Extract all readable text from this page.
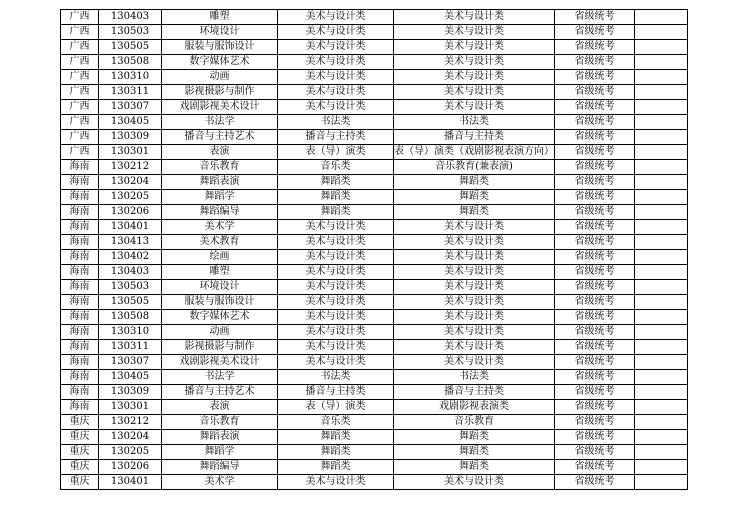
广西	130403	雕塑	美术与设计类	美术与设计类	省级统考	
广西	130503	环境设计	美术与设计类	美术与设计类	省级统考	
广西	130505	服装与服饰设计	美术与设计类	美术与设计类	省级统考	
广西	130508	数字媒体艺术	美术与设计类	美术与设计类	省级统考	
广西	130310	动画	美术与设计类	美术与设计类	省级统考	
广西	130311	影视摄影与制作	美术与设计类	美术与设计类	省级统考	
广西	130307	戏剧影视美术设计	美术与设计类	美术与设计类	省级统考	
广西	130405	书法学	书法类	书法类	省级统考	
广西	130309	播音与主持艺术	播音与主持类	播音与主持类	省级统考	
广西	130301	表演	表（导）演类	表（导）演类（戏剧影视表演方向）	省级统考	
海南	130212	音乐教育	音乐类	音乐教育(兼表演)	省级统考	
海南	130204	舞蹈表演	舞蹈类	舞蹈类	省级统考	
海南	130205	舞蹈学	舞蹈类	舞蹈类	省级统考	
海南	130206	舞蹈编导	舞蹈类	舞蹈类	省级统考	
海南	130401	美术学	美术与设计类	美术与设计类	省级统考	
海南	130413	美术教育	美术与设计类	美术与设计类	省级统考	
海南	130402	绘画	美术与设计类	美术与设计类	省级统考	
海南	130403	雕塑	美术与设计类	美术与设计类	省级统考	
海南	130503	环境设计	美术与设计类	美术与设计类	省级统考	
海南	130505	服装与服饰设计	美术与设计类	美术与设计类	省级统考	
海南	130508	数字媒体艺术	美术与设计类	美术与设计类	省级统考	
海南	130310	动画	美术与设计类	美术与设计类	省级统考	
海南	130311	影视摄影与制作	美术与设计类	美术与设计类	省级统考	
海南	130307	戏剧影视美术设计	美术与设计类	美术与设计类	省级统考	
海南	130405	书法学	书法类	书法类	省级统考	
海南	130309	播音与主持艺术	播音与主持类	播音与主持类	省级统考	
海南	130301	表演	表（导）演类	戏剧影视表演类	省级统考	
重庆	130212	音乐教育	音乐类	音乐教育	省级统考	
重庆	130204	舞蹈表演	舞蹈类	舞蹈类	省级统考	
重庆	130205	舞蹈学	舞蹈类	舞蹈类	省级统考	
重庆	130206	舞蹈编导	舞蹈类	舞蹈类	省级统考	
重庆	130401	美术学	美术与设计类	美术与设计类	省级统考	
